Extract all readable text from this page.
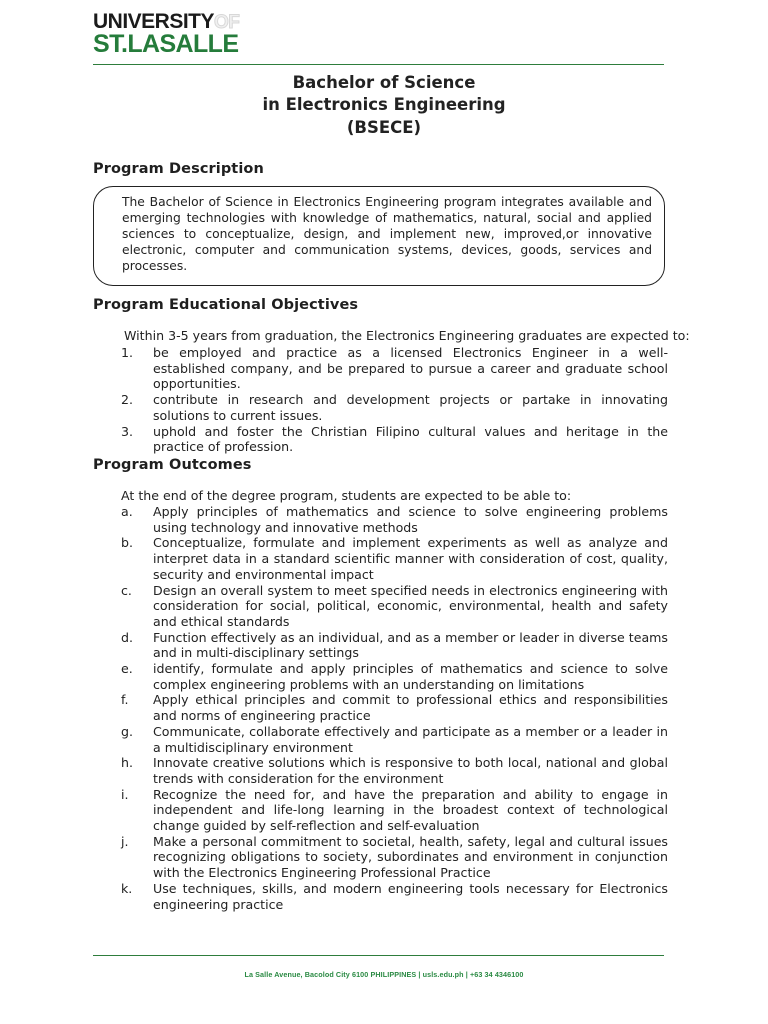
UNIVERSITYOF
ST.LASALLE
Bachelor of Science
in Electronics Engineering
(BSECE)
Program Description
The Bachelor of Science in Electronics Engineering program integrates available and emerging technologies with knowledge of mathematics, natural, social and applied sciences to conceptualize, design, and implement new, improved,or innovative electronic, computer and communication systems, devices, goods, services and processes.
Program Educational Objectives
Within 3-5 years from graduation, the Electronics Engineering graduates are expected to:
1. be employed and practice as a licensed Electronics Engineer in a well-established company, and be prepared to pursue a career and graduate school opportunities.
2. contribute in research and development projects or partake in innovating solutions to current issues.
3. uphold and foster the Christian Filipino cultural values and heritage in the practice of profession.
Program Outcomes
At the end of the degree program, students are expected to be able to:
a. Apply principles of mathematics and science to solve engineering problems using technology and innovative methods
b. Conceptualize, formulate and implement experiments as well as analyze and interpret data in a standard scientific manner with consideration of cost, quality, security and environmental impact
c. Design an overall system to meet specified needs in electronics engineering with consideration for social, political, economic, environmental, health and safety and ethical standards
d. Function effectively as an individual, and as a member or leader in diverse teams and in multi-disciplinary settings
e. identify, formulate and apply principles of mathematics and science to solve complex engineering problems with an understanding on limitations
f. Apply ethical principles and commit to professional ethics and responsibilities and norms of engineering practice
g. Communicate, collaborate effectively and participate as a member or a leader in a multidisciplinary environment
h. Innovate creative solutions which is responsive to both local, national and global trends with consideration for the environment
i. Recognize the need for, and have the preparation and ability to engage in independent and life-long learning in the broadest context of technological change guided by self-reflection and self-evaluation
j. Make a personal commitment to societal, health, safety, legal and cultural issues recognizing obligations to society, subordinates and environment in conjunction with the Electronics Engineering Professional Practice
k. Use techniques, skills, and modern engineering tools necessary for Electronics engineering practice
La Salle Avenue, Bacolod City 6100 PHILIPPINES | usls.edu.ph | +63 34 4346100
